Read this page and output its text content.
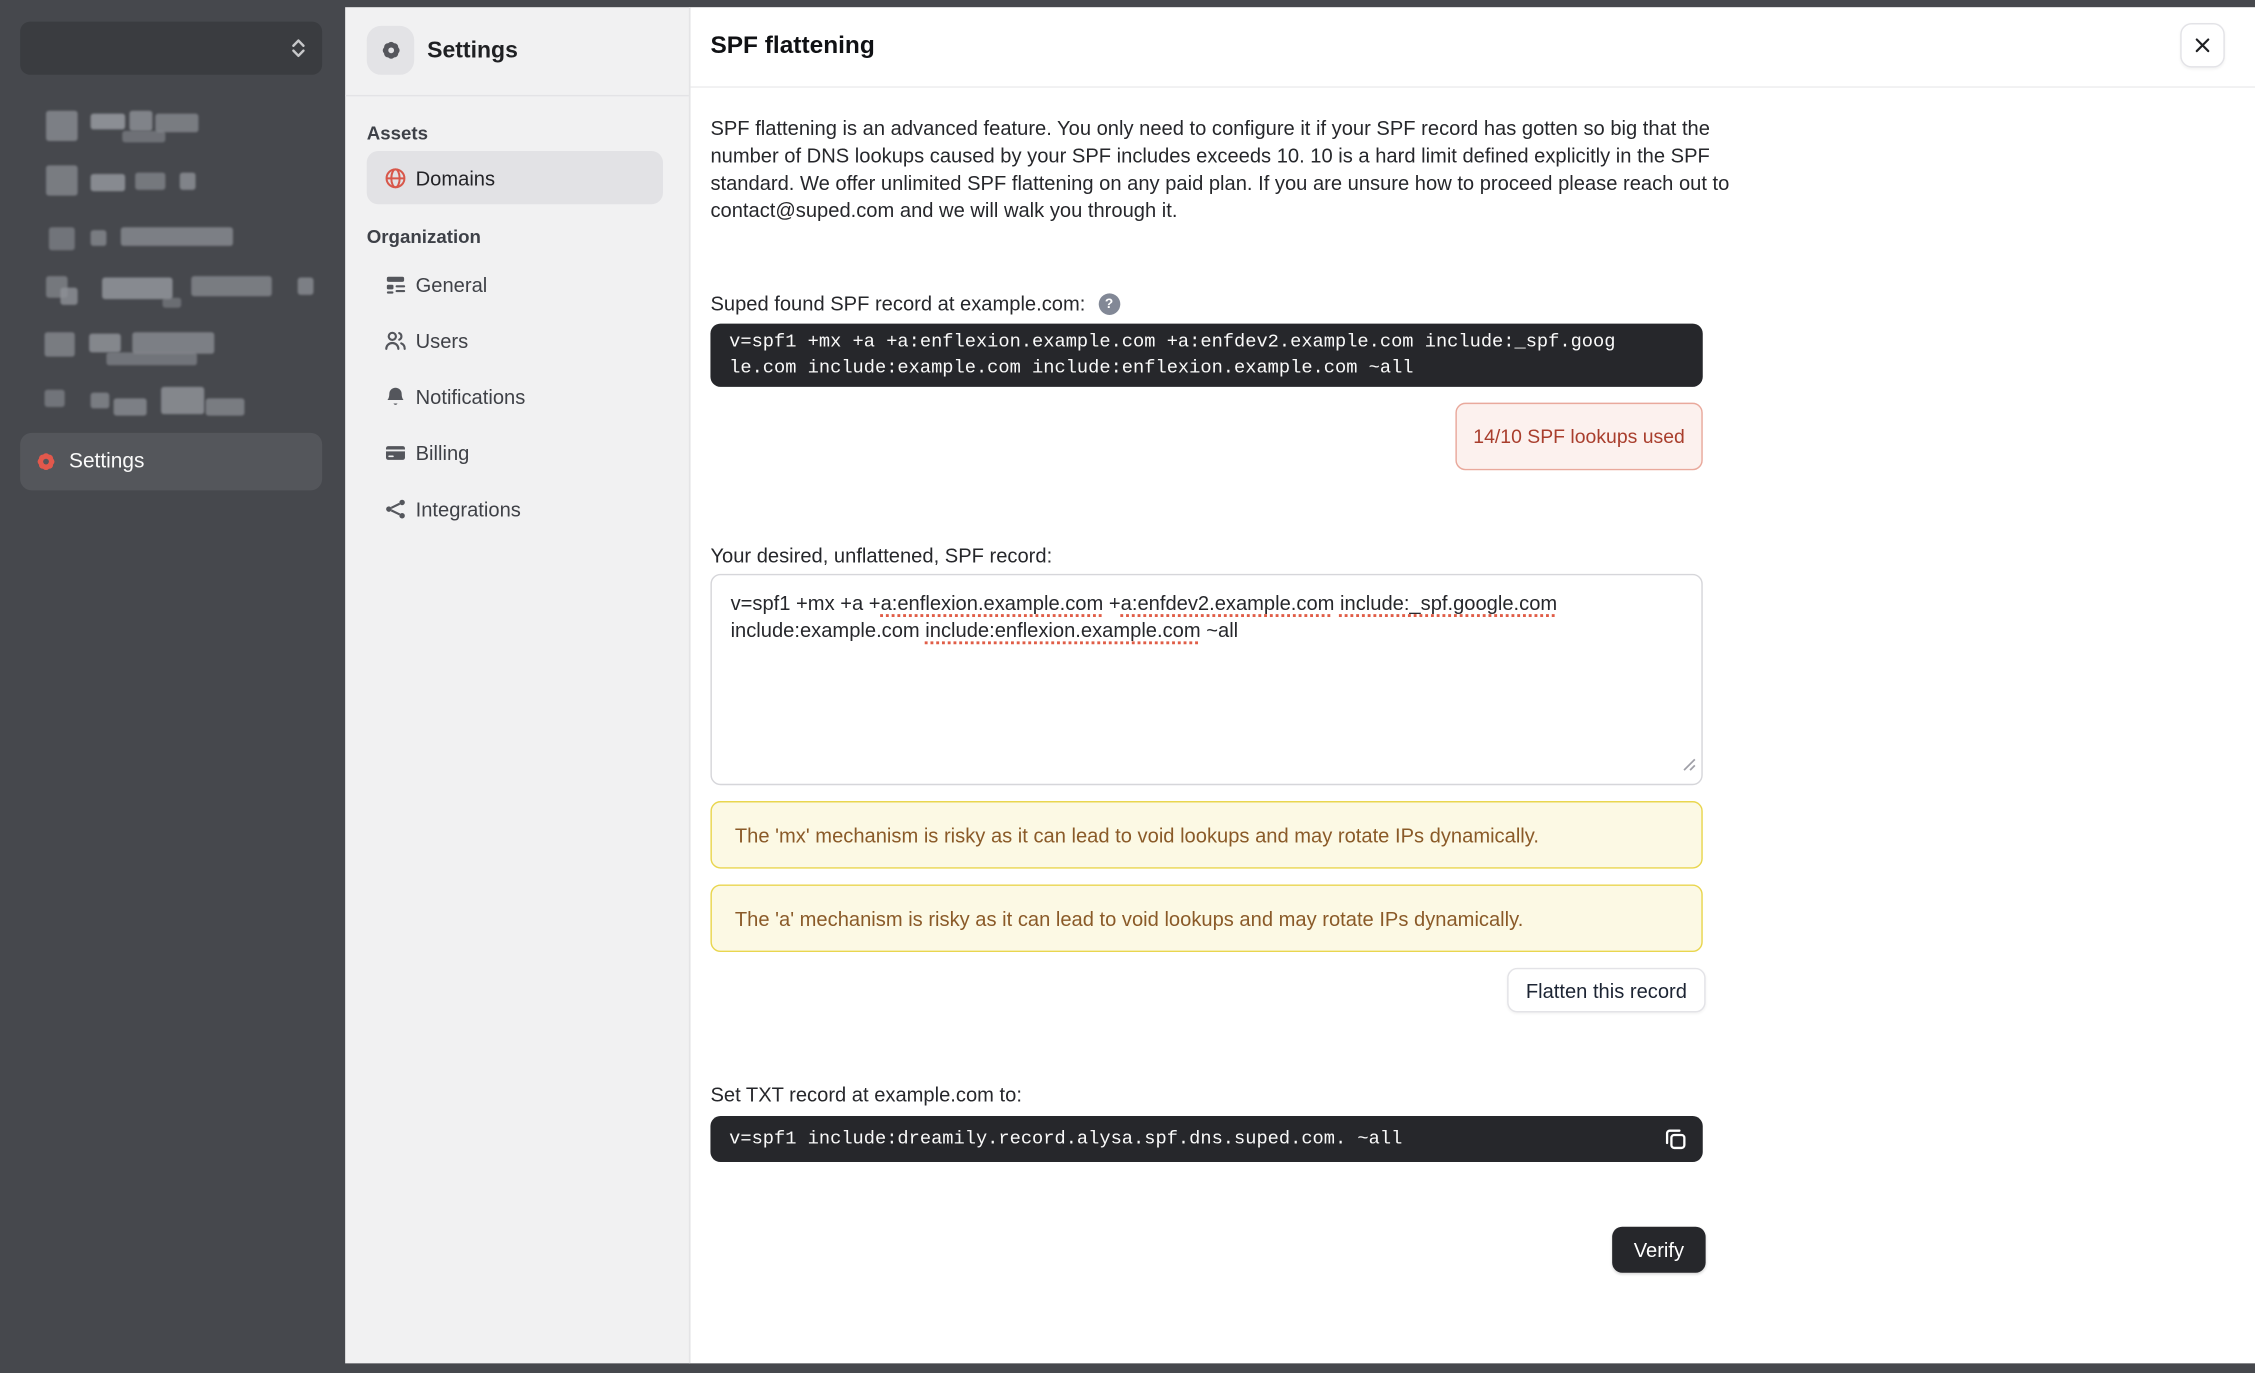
Settings
Settings
Assets
Domains
Organization
General
Users
Notifications
Billing
Integrations
SPF flattening
SPF flattening is an advanced feature. You only need to configure it if your SPF record has gotten so big that the
number of DNS lookups caused by your SPF includes exceeds 10. 10 is a hard limit defined explicitly in the SPF
standard. We offer unlimited SPF flattening on any paid plan. If you are unsure how to proceed please reach out to
contact@suped.com and we will walk you through it.
Suped found SPF record at example.com:	?
v=spf1 +mx +a +a:enflexion.example.com +a:enfdev2.example.com include:_spf.goog
le.com include:example.com include:enflexion.example.com ~all
14/10 SPF lookups used
Your desired, unflattened, SPF record:
v=spf1 +mx +a +a:enflexion.example.com +a:enfdev2.example.com include:_spf.google.com
include:example.com include:enflexion.example.com ~all
The 'mx' mechanism is risky as it can lead to void lookups and may rotate IPs dynamically.
The 'a' mechanism is risky as it can lead to void lookups and may rotate IPs dynamically.
Flatten this record
Set TXT record at example.com to:
v=spf1 include:dreamily.record.alysa.spf.dns.suped.com. ~all
Verify
